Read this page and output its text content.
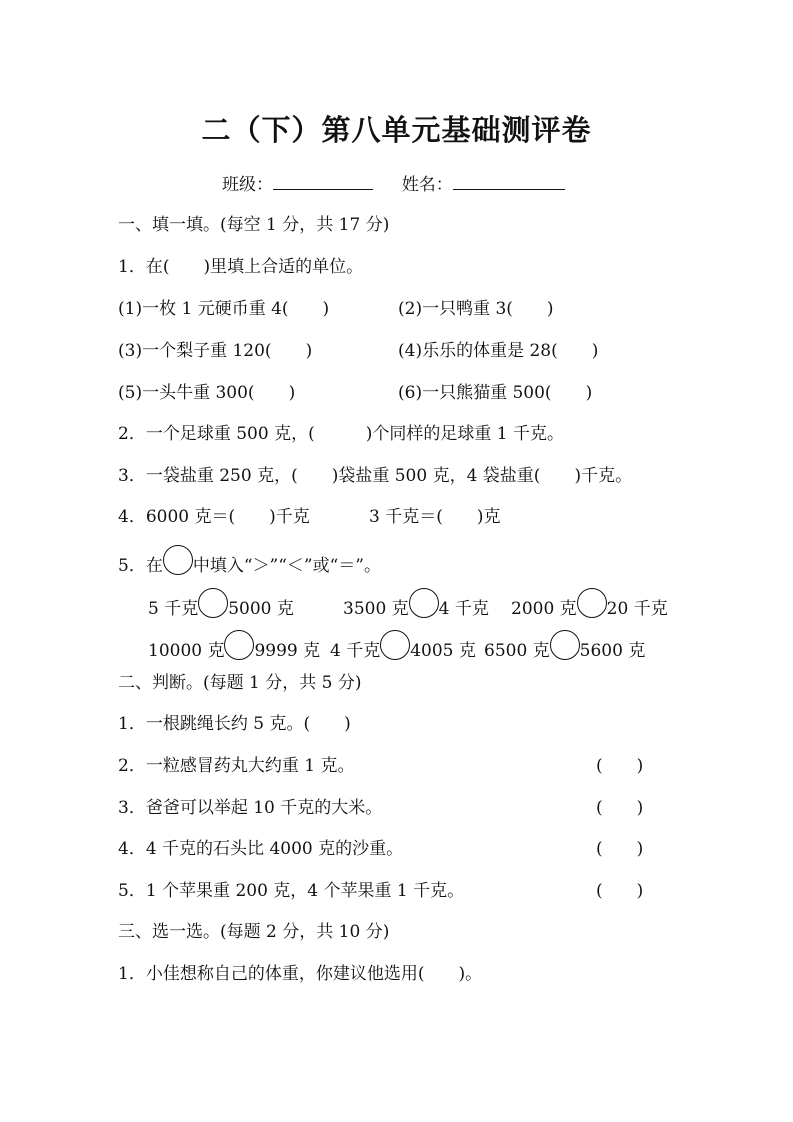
二（下）第八单元基础测评卷
班级：	姓名：
一、填一填。(每空 1 分，共 17 分)
1．在(　　)里填上合适的单位。
(1)一枚 1 元硬币重 4(　　)	(2)一只鸭重 3(　　)
(3)一个梨子重 120(　　)	(4)乐乐的体重是 28(　　)
(5)一头牛重 300(　　)	(6)一只熊猫重 500(　　)
2．一个足球重 500 克，(　　　)个同样的足球重 1 千克。
3．一袋盐重 250 克，(　　)袋盐重 500 克，4 袋盐重(　　)千克。
4．6000 克＝(　　)千克	3 千克＝(　　)克
5．在 中填入“＞”“＜”或“＝”。
5 千克 5000 克	3500 克 4 千克 2000 克 20 千克
10000 克 9999 克 4 千克 4005 克 6500 克 5600 克
二、判断。(每题 1 分，共 5 分)
1．一根跳绳长约 5 克。(　　)
2．一粒感冒药丸大约重 1 克。	(　　)
3．爸爸可以举起 10 千克的大米。	(　　)
4．4 千克的石头比 4000 克的沙重。	(　　)
5．1 个苹果重 200 克，4 个苹果重 1 千克。	(　　)
三、选一选。(每题 2 分，共 10 分)
1．小佳想称自己的体重，你建议他选用(　　)。
